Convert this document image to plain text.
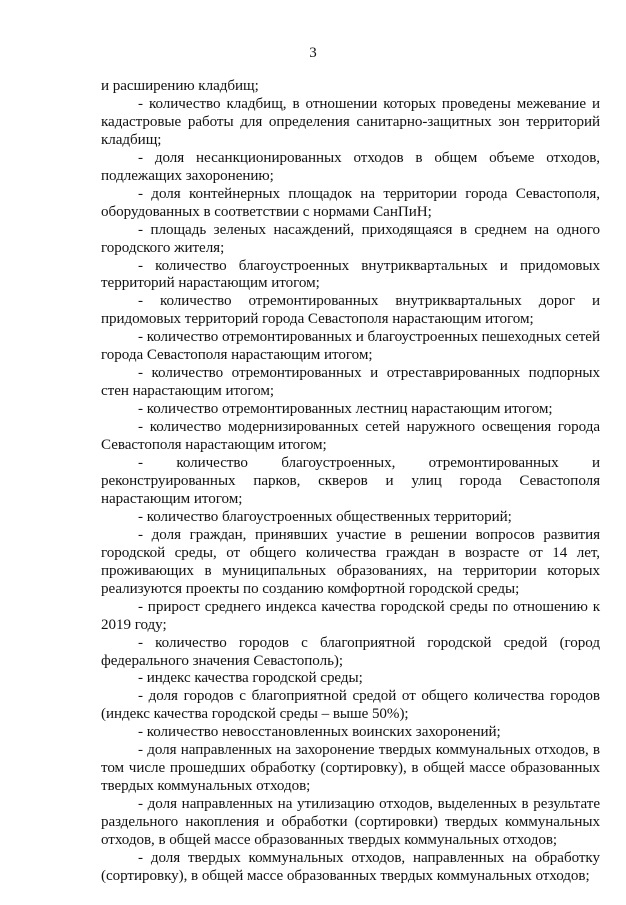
3

и расширению кладбищ;

- количество кладбищ, в отношении которых проведены межевание и кадастровые работы для определения санитарно-защитных зон территорий кладбищ;

- доля несанкционированных отходов в общем объеме отходов, подлежащих захоронению;

- доля контейнерных площадок на территории города Севастополя, оборудованных в соответствии с нормами СанПиН;

- площадь зеленых насаждений, приходящаяся в среднем на одного городского жителя;

- количество благоустроенных внутриквартальных и придомовых территорий нарастающим итогом;

- количество отремонтированных внутриквартальных дорог и придомовых территорий города Севастополя нарастающим итогом;

- количество отремонтированных и благоустроенных пешеходных сетей города Севастополя нарастающим итогом;

- количество отремонтированных и отреставрированных подпорных стен нарастающим итогом;

- количество отремонтированных лестниц нарастающим итогом;

- количество модернизированных сетей наружного освещения города Севастополя нарастающим итогом;

- количество благоустроенных, отремонтированных и реконструированных парков, скверов и улиц города Севастополя нарастающим итогом;

- количество благоустроенных общественных территорий;

- доля граждан, принявших участие в решении вопросов развития городской среды, от общего количества граждан в возрасте от 14 лет, проживающих в муниципальных образованиях, на территории которых реализуются проекты по созданию комфортной городской среды;

- прирост среднего индекса качества городской среды по отношению к 2019 году;

- количество городов с благоприятной городской средой (город федерального значения Севастополь);

- индекс качества городской среды;

- доля городов с благоприятной средой от общего количества городов (индекс качества городской среды – выше 50%);

- количество невосстановленных воинских захоронений;

- доля направленных на захоронение твердых коммунальных отходов, в том числе прошедших обработку (сортировку), в общей массе образованных твердых коммунальных отходов;

- доля направленных на утилизацию отходов, выделенных в результате раздельного накопления и обработки (сортировки) твердых коммунальных отходов, в общей массе образованных твердых коммунальных отходов;

- доля твердых коммунальных отходов, направленных на обработку (сортировку), в общей массе образованных твердых коммунальных отходов;
